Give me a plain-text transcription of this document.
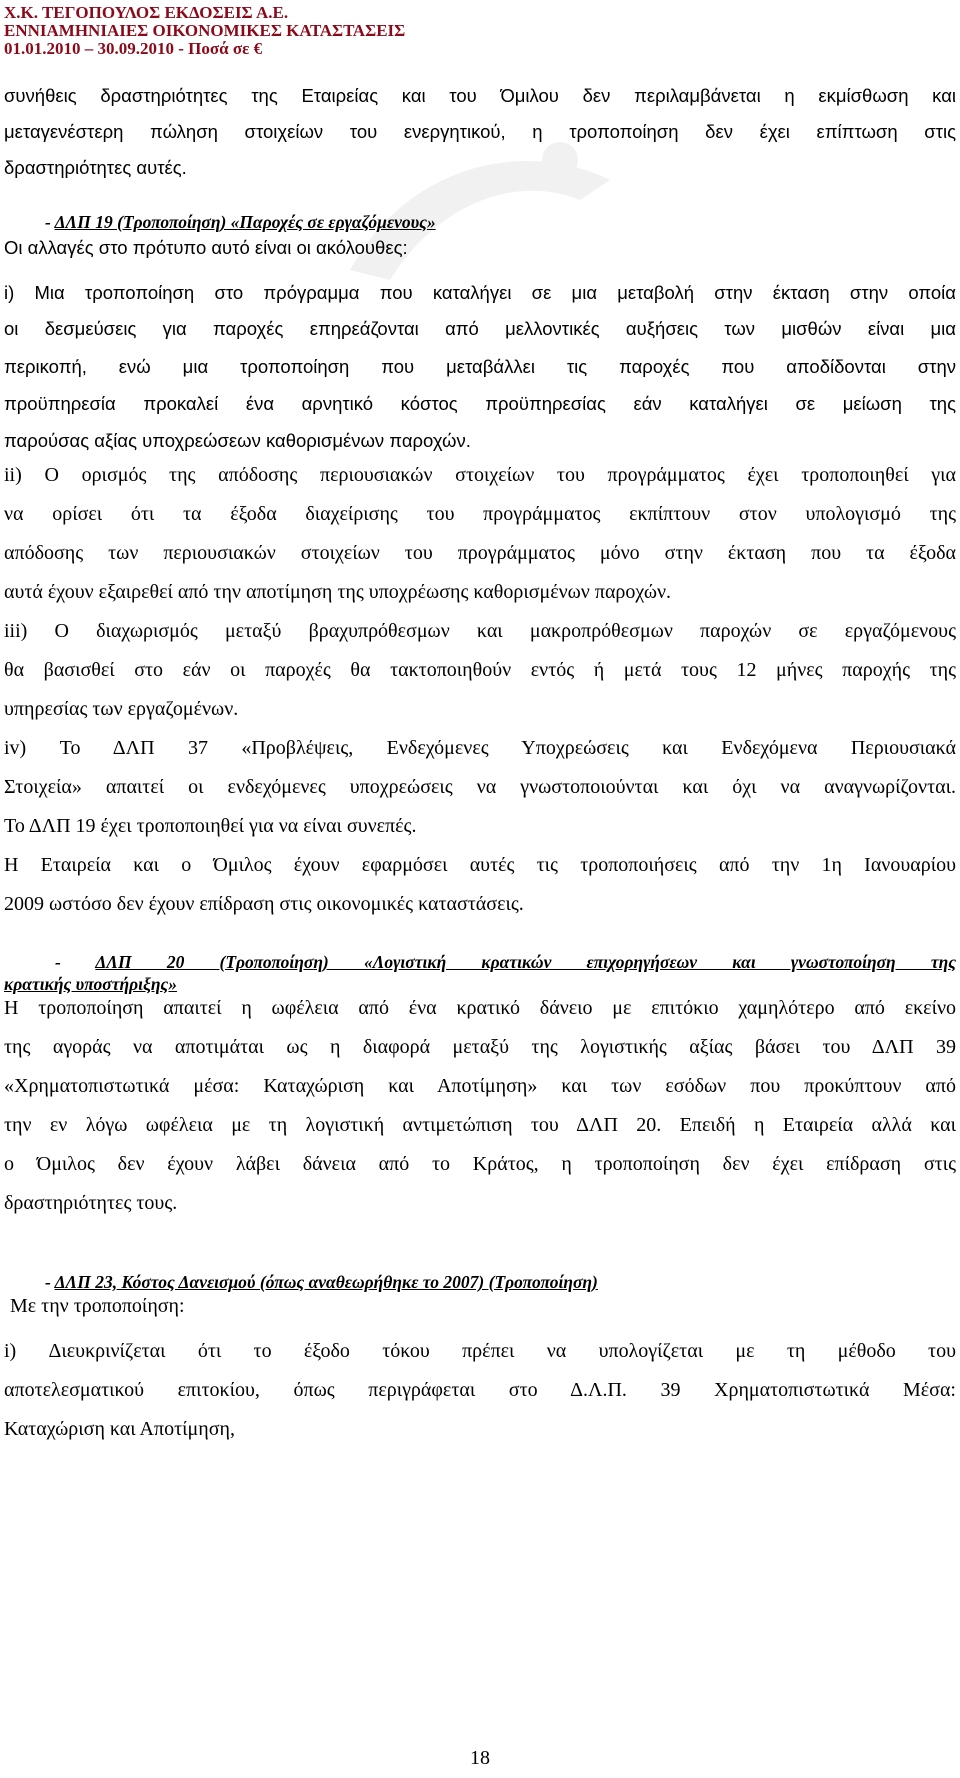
Χ.Κ. ΤΕΓΟΠΟΥΛΟΣ ΕΚΔΟΣΕΙΣ Α.Ε.
ΕΝΝΙΑΜΗΝΙΑΙΕΣ ΟΙΚΟΝΟΜΙΚΕΣ ΚΑΤΑΣΤΑΣΕΙΣ
01.01.2010 – 30.09.2010 - Ποσά σε €
συνήθεις δραστηριότητες της Εταιρείας και του Όμιλου δεν περιλαμβάνεται η εκμίσθωση και
μεταγενέστερη πώληση στοιχείων του ενεργητικού, η τροποποίηση δεν έχει επίπτωση στις
δραστηριότητες αυτές.
- ΔΛΠ 19 (Τροποποίηση) «Παροχές σε εργαζόμενους»
Οι αλλαγές στο πρότυπο αυτό είναι οι ακόλουθες:
i) Μια τροποποίηση στο πρόγραμμα που καταλήγει σε μια μεταβολή στην έκταση στην οποία
οι δεσμεύσεις για παροχές επηρεάζονται από μελλοντικές αυξήσεις των μισθών είναι μια
περικοπή, ενώ μια τροποποίηση που μεταβάλλει τις παροχές που αποδίδονται στην
προϋπηρεσία προκαλεί ένα αρνητικό κόστος προϋπηρεσίας εάν καταλήγει σε μείωση της
παρούσας αξίας υποχρεώσεων καθορισμένων παροχών.
ii) Ο ορισμός της απόδοσης περιουσιακών στοιχείων του προγράμματος έχει τροποποιηθεί για
να ορίσει ότι τα έξοδα διαχείρισης του προγράμματος εκπίπτουν στον υπολογισμό της
απόδοσης των περιουσιακών στοιχείων του προγράμματος μόνο στην έκταση που τα έξοδα
αυτά έχουν εξαιρεθεί από την αποτίμηση της υποχρέωσης καθορισμένων παροχών.
iii) Ο διαχωρισμός μεταξύ βραχυπρόθεσμων και μακροπρόθεσμων παροχών σε εργαζόμενους
θα βασισθεί στο εάν οι παροχές θα τακτοποιηθούν εντός ή μετά τους 12 μήνες παροχής της
υπηρεσίας των εργαζομένων.
iv) Το ΔΛΠ 37 «Προβλέψεις, Ενδεχόμενες Υποχρεώσεις και Ενδεχόμενα Περιουσιακά
Στοιχεία» απαιτεί οι ενδεχόμενες υποχρεώσεις να γνωστοποιούνται και όχι να αναγνωρίζονται.
Το ΔΛΠ 19 έχει τροποποιηθεί για να είναι συνεπές.
Η Εταιρεία και ο Όμιλος έχουν εφαρμόσει αυτές τις τροποποιήσεις από την 1η Ιανουαρίου
2009 ωστόσο δεν έχουν επίδραση στις οικονομικές καταστάσεις.
- ΔΛΠ 20 (Τροποποίηση) «Λογιστική κρατικών επιχορηγήσεων και γνωστοποίηση της
κρατικής υποστήριξης»
Η τροποποίηση απαιτεί η ωφέλεια από ένα κρατικό δάνειο με επιτόκιο χαμηλότερο από εκείνο
της αγοράς να αποτιμάται ως η διαφορά μεταξύ της λογιστικής αξίας βάσει του ΔΛΠ 39
«Χρηματοπιστωτικά μέσα: Καταχώριση και Αποτίμηση» και των εσόδων που προκύπτουν από
την εν λόγω ωφέλεια με τη λογιστική αντιμετώπιση του ΔΛΠ 20. Επειδή η Εταιρεία αλλά και
ο Όμιλος δεν έχουν λάβει δάνεια από το Κράτος, η τροποποίηση δεν έχει επίδραση στις
δραστηριότητες τους.
- ΔΛΠ 23, Κόστος Δανεισμού (όπως αναθεωρήθηκε το 2007) (Τροποποίηση)
Με την τροποποίηση:
i) Διευκρινίζεται ότι το έξοδο τόκου πρέπει να υπολογίζεται με τη μέθοδο του
αποτελεσματικού επιτοκίου, όπως περιγράφεται στο Δ.Λ.Π. 39 Χρηματοπιστωτικά Μέσα:
Καταχώριση και Αποτίμηση,
18
